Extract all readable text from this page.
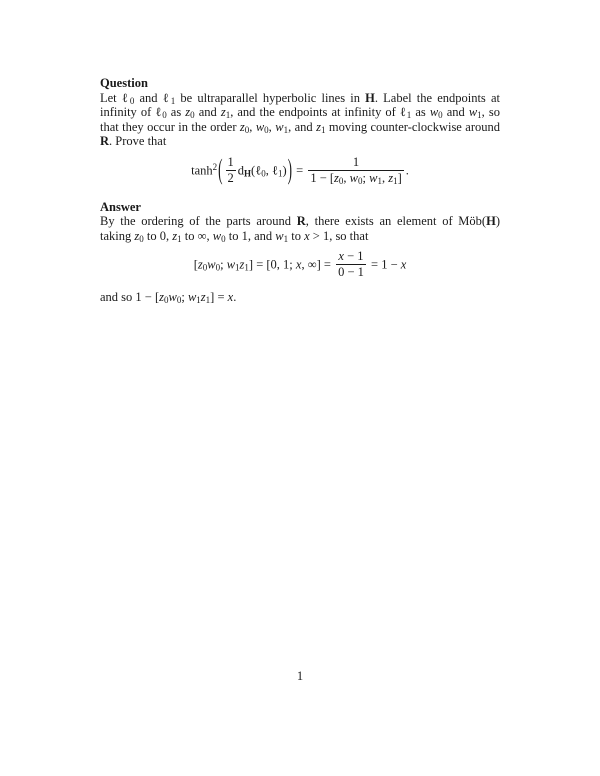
Question

Let ℓ$_0$ and ℓ$_1$ be ultraparallel hyperbolic lines in H. Label the endpoints at infinity of ℓ$_0$ as $z_0$ and $z_1$, and the endpoints at infinity of ℓ$_1$ as $w_0$ and $w_1$, so that they occur in the order $z_0$, $w_0$, $w_1$, and $z_1$ moving counter-clockwise around R. Prove that

$\tanh^2( \frac{1}{2}$ $d_H(\ell_0$, ℓ$_1$)) = $\frac{1}{1 - [z_0, w_0; w_1, z_1]}$ .
Answer

By the ordering of the parts around R, there exists an element of Möb(H) taking $z_0$ to 0, $z_1$ to ∞, $w_0$ to 1, and $w_1$ to x > 1, so that

[$z_0w_0$; $w_1z_1] = [0$, 1; x, ∞] = $\frac{x - 1}{0 - 1} = 1 - x$

and so $1 - [z_0w_0$; $w_1z_1] = x$.

1
